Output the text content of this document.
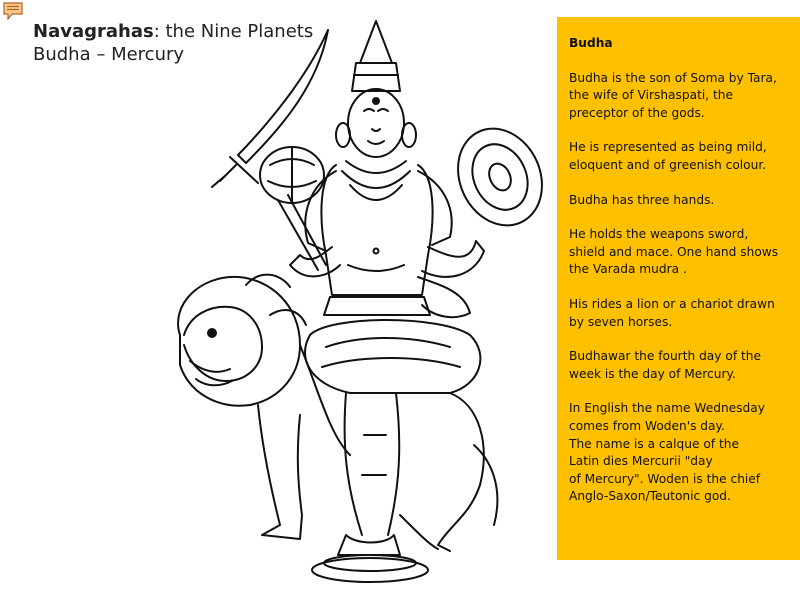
Navagrahas: the Nine Planets
Budha – Mercury
Budha

Budha is the son of Soma by Tara,
the wife of Virshaspati, the
preceptor of the gods.

He is represented as being mild,
eloquent and of greenish colour.

Budha has three hands.

He holds the weapons sword,
shield and mace. One hand shows
the Varada mudra .

His rides a lion or a chariot drawn
by seven horses.

Budhawar the fourth day of the
week is the day of Mercury.

In English the name Wednesday
comes from Woden's day.
The name is a calque of the
Latin dies Mercurii "day
of Mercury". Woden is the chief
Anglo-Saxon/Teutonic god.
